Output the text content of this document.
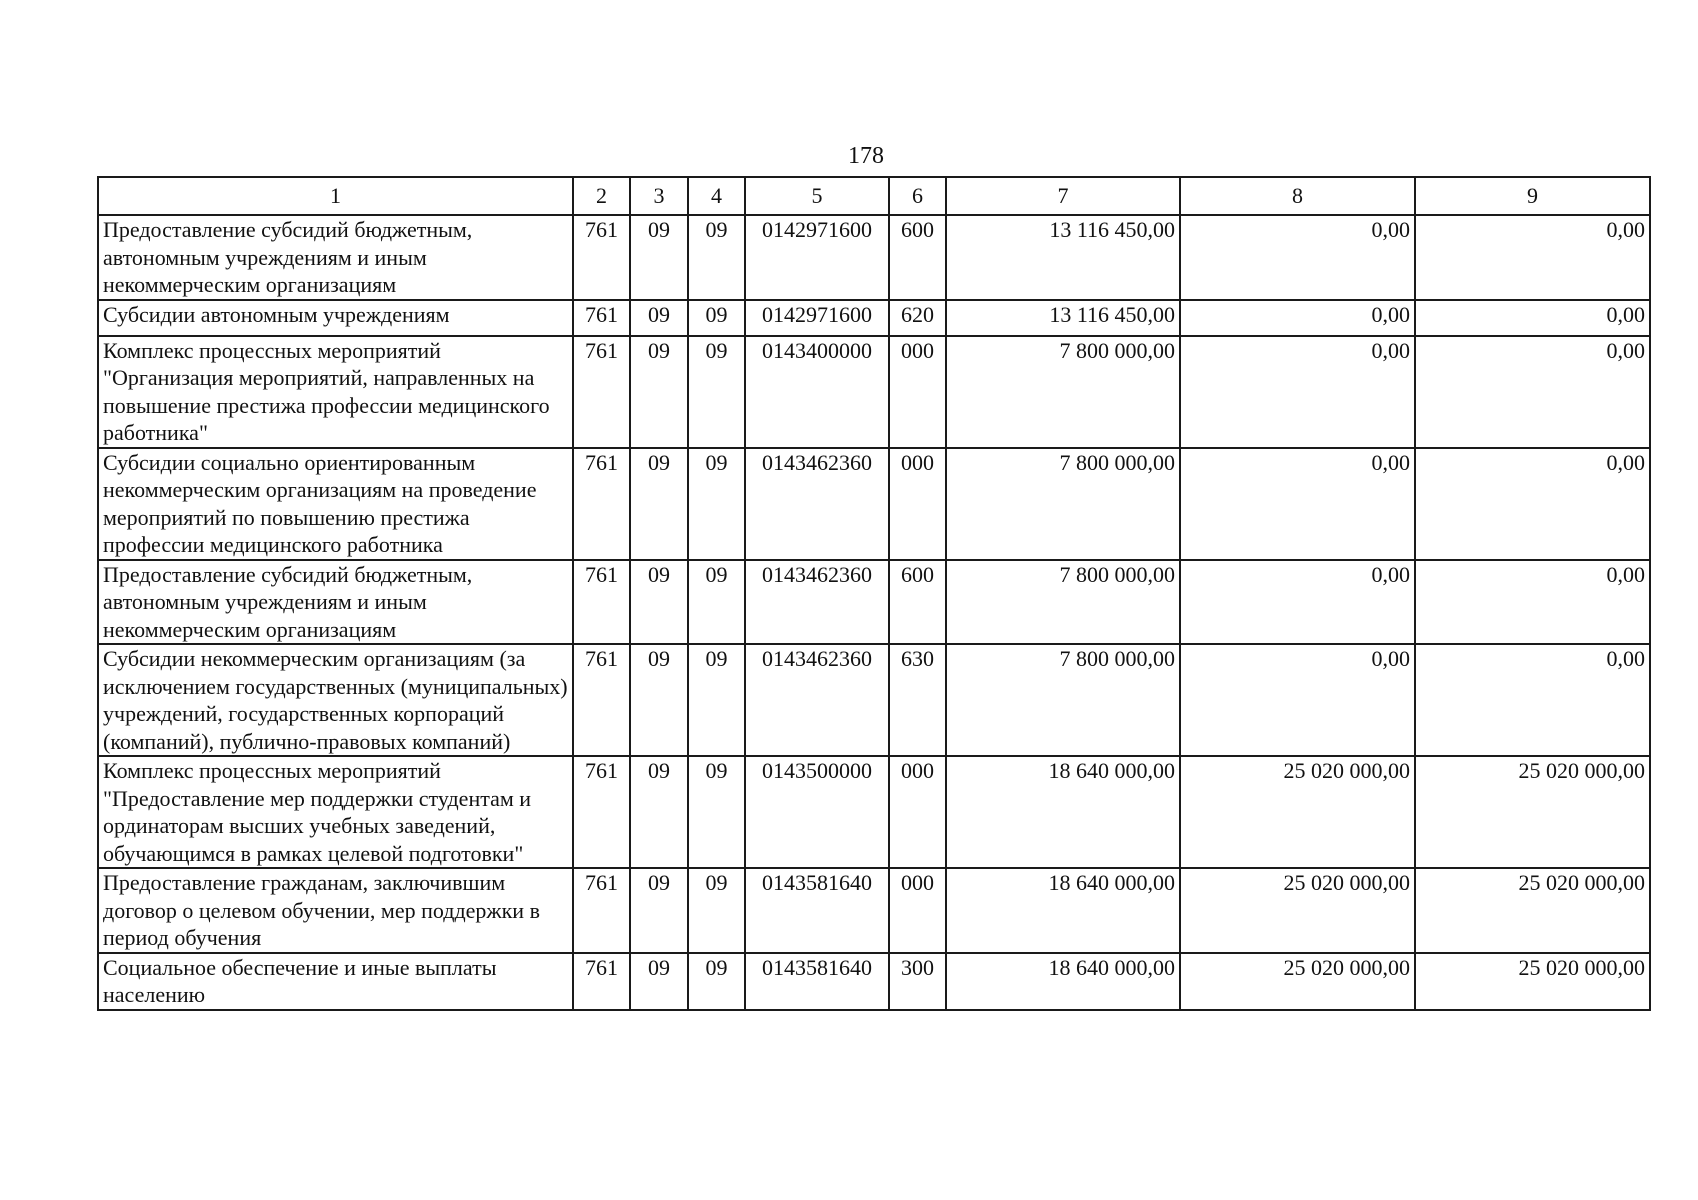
178
1	2	3	4	5	6	7	8	9
Предоставление субсидий бюджетным, автономным учреждениям и иным некоммерческим организациям	761	09	09	0142971600	600	13 116 450,00	0,00	0,00
Субсидии автономным учреждениям	761	09	09	0142971600	620	13 116 450,00	0,00	0,00
Комплекс процессных мероприятий "Организация мероприятий, направленных на повышение престижа профессии медицинского работника"	761	09	09	0143400000	000	7 800 000,00	0,00	0,00
Субсидии социально ориентированным некоммерческим организациям на проведение мероприятий по повышению престижа профессии медицинского работника	761	09	09	0143462360	000	7 800 000,00	0,00	0,00
Предоставление субсидий бюджетным, автономным учреждениям и иным некоммерческим организациям	761	09	09	0143462360	600	7 800 000,00	0,00	0,00
Субсидии некоммерческим организациям (за исключением государственных (муниципальных) учреждений, государственных корпораций (компаний), публично-правовых компаний)	761	09	09	0143462360	630	7 800 000,00	0,00	0,00
Комплекс процессных мероприятий "Предоставление мер поддержки студентам и ординаторам высших учебных заведений, обучающимся в рамках целевой подготовки"	761	09	09	0143500000	000	18 640 000,00	25 020 000,00	25 020 000,00
Предоставление гражданам, заключившим договор о целевом обучении, мер поддержки в период обучения	761	09	09	0143581640	000	18 640 000,00	25 020 000,00	25 020 000,00
Социальное обеспечение и иные выплаты населению	761	09	09	0143581640	300	18 640 000,00	25 020 000,00	25 020 000,00
